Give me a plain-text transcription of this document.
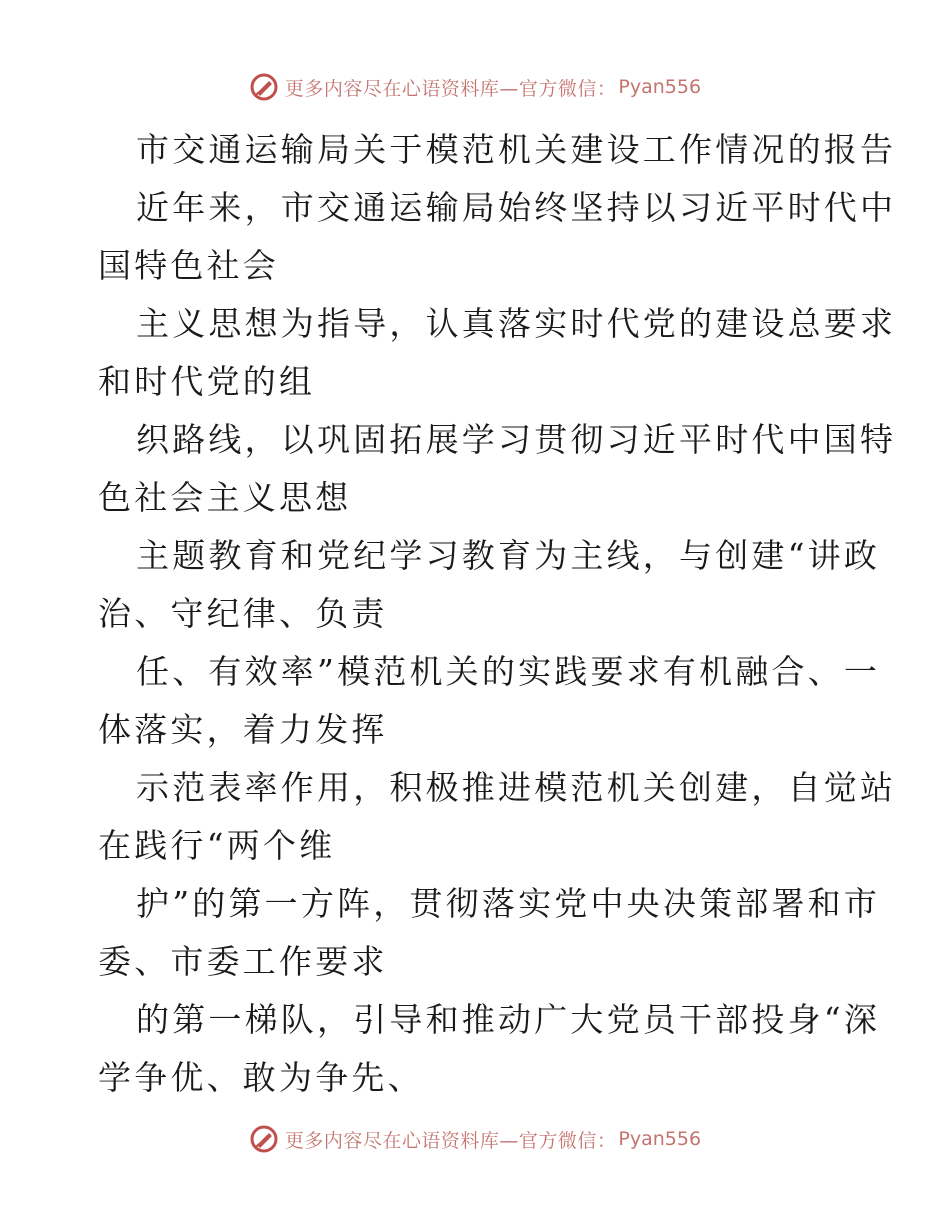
更多内容尽在心语资料库—官方微信： Pyan556
市交通运输局关于模范机关建设工作情况的报告
近年来，市交通运输局始终坚持以习近平时代中
国特色社会
主义思想为指导，认真落实时代党的建设总要求
和时代党的组
织路线，以巩固拓展学习贯彻习近平时代中国特
色社会主义思想
主题教育和党纪学习教育为主线，与创建“讲政
治、守纪律、负责
任、有效率”模范机关的实践要求有机融合、一
体落实，着力发挥
示范表率作用，积极推进模范机关创建，自觉站
在践行“两个维
护”的第一方阵，贯彻落实党中央决策部署和市
委、市委工作要求
的第一梯队，引导和推动广大党员干部投身“深
学争优、敢为争先、
更多内容尽在心语资料库—官方微信： Pyan556
